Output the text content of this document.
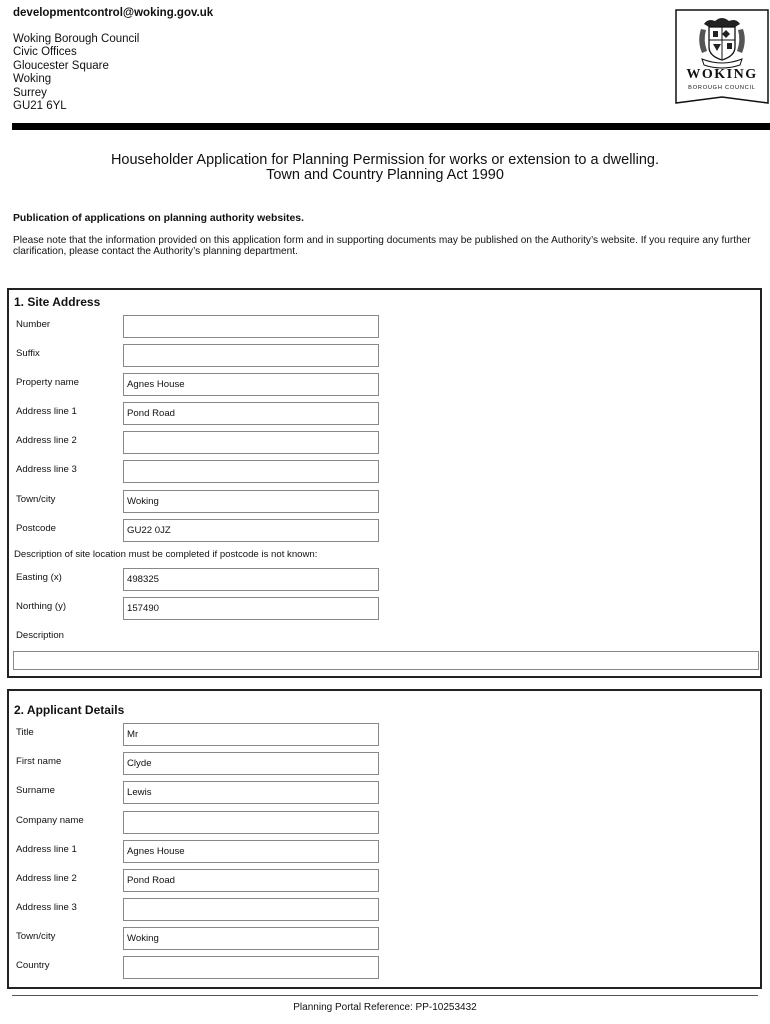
developmentcontrol@woking.gov.uk
Woking Borough Council
Civic Offices
Gloucester Square
Woking
Surrey
GU21 6YL
WOKING
BOROUGH COUNCIL
Householder Application for Planning Permission for works or extension to a dwelling.
Town and Country Planning Act 1990
Publication of applications on planning authority websites.
Please note that the information provided on this application form and in supporting documents may be published on the Authority’s website. If you require any further clarification, please contact the Authority’s planning department.
1. Site Address
Number
Suffix
Property name	Agnes House
Address line 1	Pond Road
Address line 2
Address line 3
Town/city	Woking
Postcode	GU22 0JZ
Description of site location must be completed if postcode is not known:
Easting (x)	498325
Northing (y)	157490
Description
2. Applicant Details
Title	Mr
First name	Clyde
Surname	Lewis
Company name
Address line 1	Agnes House
Address line 2	Pond Road
Address line 3
Town/city	Woking
Country
Planning Portal Reference: PP-10253432
